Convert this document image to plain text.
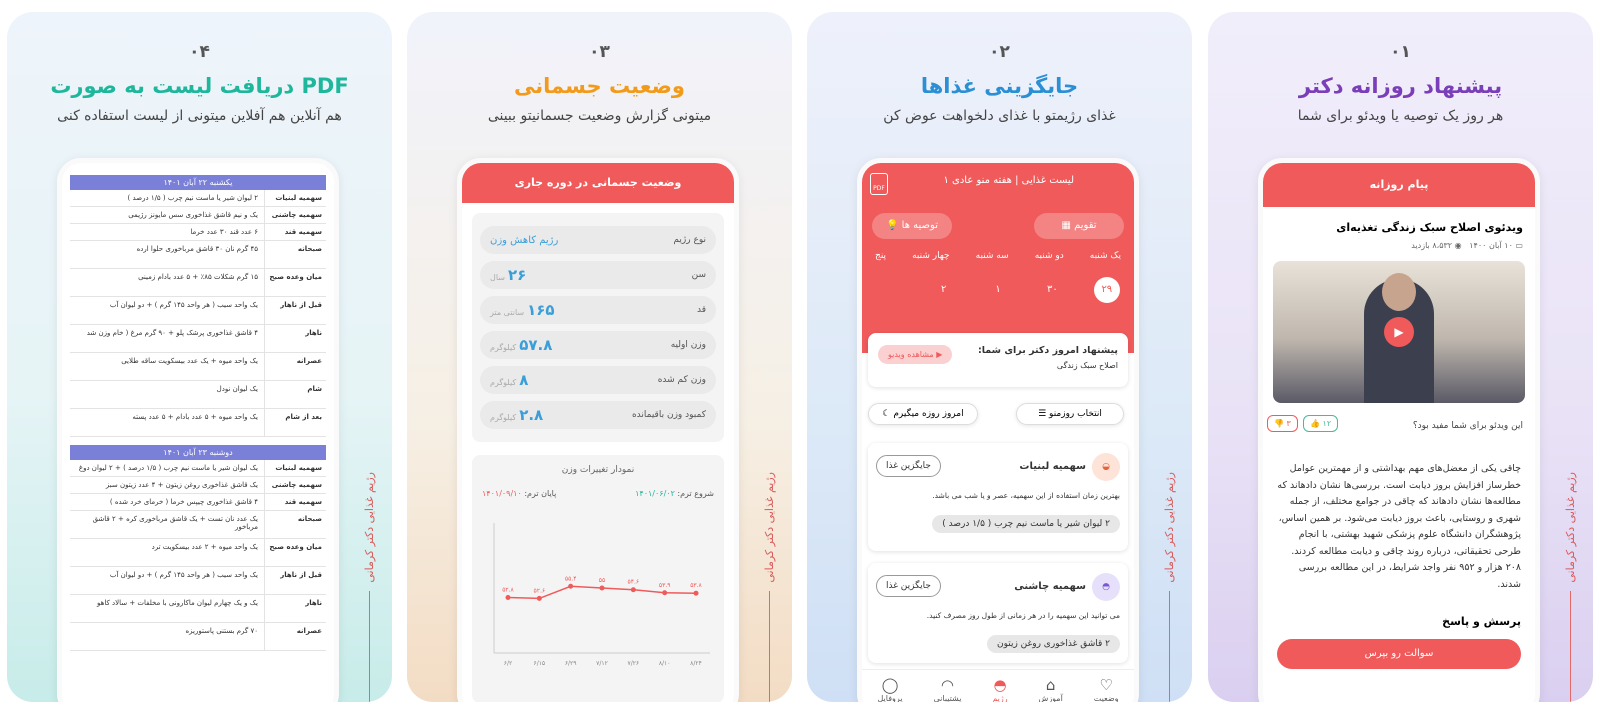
۰۴
دریافت لیست به صورت PDF
هم آنلاین هم آفلاین میتونی از لیست استفاده کنی
رژیم غذایی دکتر کرمانی
یکشنبه ۲۲ آبان ۱۴۰۱
سهمیه لبنیات
۲ لیوان شیر یا ماست نیم چرب ( ۱/۵ درصد )
سهمیه چاشنی
یک و نیم قاشق غذاخوری سس مایونز رژیمی
سهمیه قند
۶ عدد قند ۳۰ عدد خرما
صبحانه
۴۵ گرم نان ۳۰ قاشق مرباخوری حلوا ارده
میان وعده صبح
۱۵ گرم شکلات ۸۵٪ + ۵ عدد بادام زمینی
قبل از ناهار
یک واحد سیب ( هر واحد ۱۴۵ گرم ) + دو لیوان آب
ناهار
۴ قاشق غذاخوری پرشک پلو + ۹۰ گرم مرغ ( خام وزن شد
عصرانه
یک واحد میوه + یک عدد بیسکویت ساقه طلایی
شام
یک لیوان نودل
بعد از شام
یک واحد میوه + ۵ عدد بادام + ۵ عدد پسته
دوشنبه ۲۳ آبان ۱۴۰۱
سهمیه لبنیات
یک لیوان شیر یا ماست نیم چرب ( ۱/۵ درصد ) + ۲ لیوان دوغ
سهمیه چاشنی
یک قاشق غذاخوری روغن زیتون + ۴ عدد زیتون سبز
سهمیه قند
۴ قاشق غذاخوری چیپس خرما ( خرمای خرد شده )
صبحانه
یک عدد نان تست + یک قاشق مرباخوری کره + ۲ قاشق مرباخور
میان وعده صبح
یک واحد میوه + ۲ عدد بیسکویت ترد
قبل از ناهار
یک واحد سیب ( هر واحد ۱۴۵ گرم ) + دو لیوان آب
ناهار
یک و یک چهارم لیوان ماکارونی با مخلفات + سالاد کاهو
عصرانه
۷۰ گرم بستنی پاستوریزه
۰۳
وضعیت جسمانی
میتونی گزارش وضعیت جسمانیتو ببینی
رژیم غذایی دکتر کرمانی
وضعیت جسمانی در دوره جاری
نوع رژیم
رژیم کاهش وزن
سن
۲۶سال
قد
۱۶۵سانتی متر
وزن اولیه
۵۷.۸کیلوگرم
وزن کم شده
۸کیلوگرم
کمبود وزن باقیمانده
۲.۸کیلوگرم
نمودار تغییرات وزن
شروع ترم: ۱۴۰۱/۰۶/۰۲
پایان ترم: ۱۴۰۱/۰۹/۱۰
۵۲.۸
۶/۲
۵۲.۶
۶/۱۵
۵۵.۴
۶/۲۹
۵۵
۷/۱۲
۵۴.۶
۷/۲۶
۵۳.۹
۸/۱۰
۵۳.۸
۸/۲۴
۰۲
جایگزینی غذاها
غذای رژیمتو با غذای دلخواهت عوض کن
رژیم غذایی دکتر کرمانی
لیست غذایی | هفته منو عادی ۱
PDF
▦ تقویم
💡 توصیه ها
یک شنبه
دو شنبه
سه شنبه
چهار شنبه
پنج
۲۹
۳۰
۱
۲
پیشنهاد امروز دکتر برای شما:
اصلاح سبک زندگی
▶ مشاهده ویدیو
☰ انتخاب روزمنو
☾ امروز روزه میگیرم
◒
سهمیه لبنیات
جایگزین غذا
بهترین زمان استفاده از این سهمیه، عصر و یا شب می باشد.
۲ لیوان شیر یا ماست نیم چرب ( ۱/۵ درصد )
◓
سهمیه چاشنی
جایگزین غذا
می توانید این سهمیه را در هر زمانی از طول روز مصرف کنید.
۲ قاشق غذاخوری روغن زیتون
♡
وضعیت
⌂
آموزش
◓
رژیم
◠
پشتیبانی
◯
پروفایل
۰۱
پیشنهاد روزانه دکتر
هر روز یک توصیه یا ویدئو برای شما
رژیم غذایی دکتر کرمانی
پیام روزانه
ویدئوی اصلاح سبک زندگی تغذیه‌ای
▭ ۱۰ آبان ۱۴۰۰   ◉ ۸،۵۳۲ بازدید
▶
این ویدئو برای شما مفید بود؟
👍 ۱۲
👎 ۳
چاقی یکی از معضل‌های مهم بهداشتی و از مهمترین عوامل خطرساز افزایش بروز دیابت است. بررسی‌ها نشان دادهاند که مطالعه‌ها نشان دادهاند که چاقی در جوامع مختلف، از جمله شهری و روستایی، باعث بروز دیابت می‌شود. بر همین اساس، پژوهشگران دانشگاه علوم پزشکی شهید بهشتی، با انجام طرحی تحقیقاتی، درباره روند چاقی و دیابت مطالعه کردند. ۲۰۸ هزار و ۹۵۲ نفر واجد شرایط، در این مطالعه بررسی شدند.
پرسش و پاسخ
سوالت رو بپرس
